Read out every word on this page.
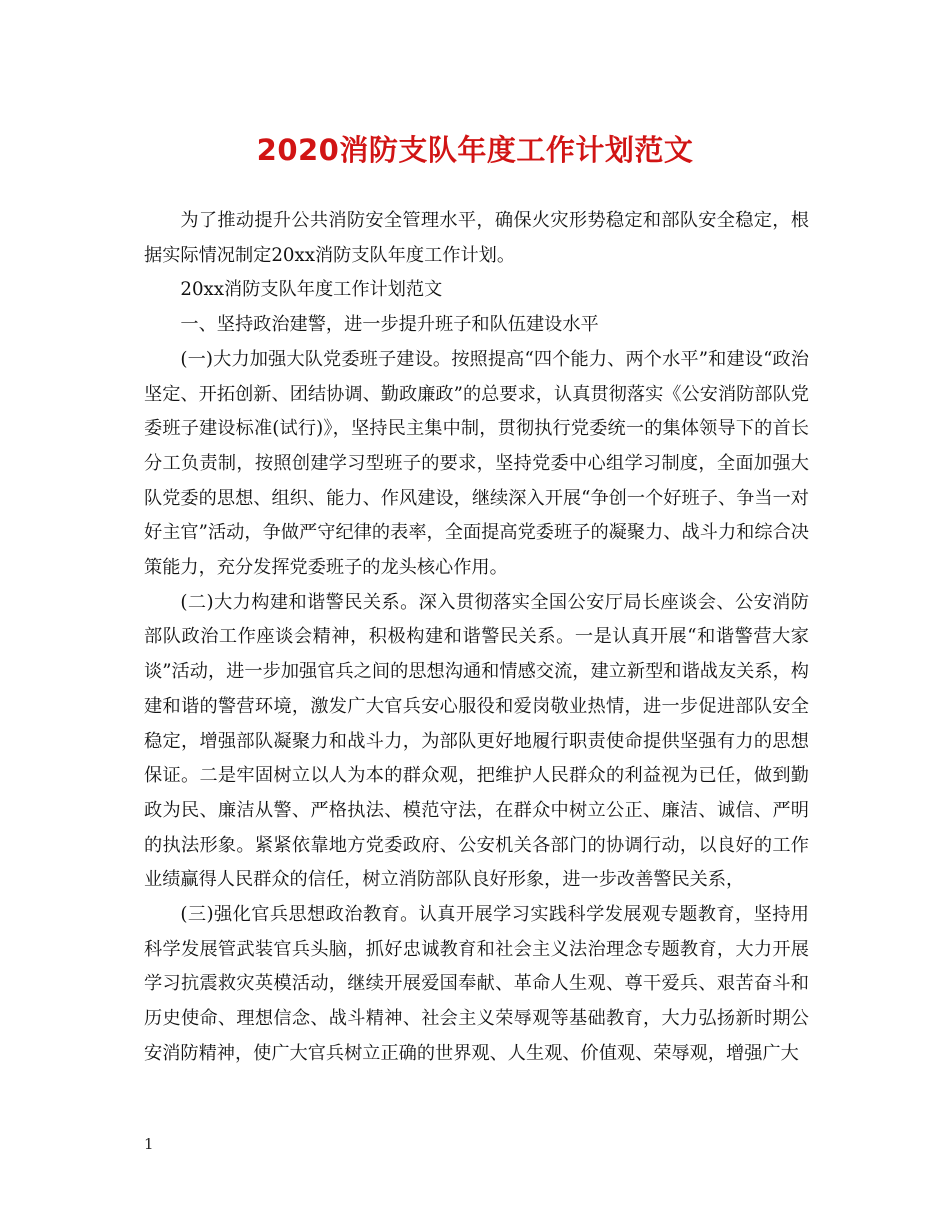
2020消防支队年度工作计划范文

为了推动提升公共消防安全管理水平，确保火灾形势稳定和部队安全稳定，根据实际情况制定20xx消防支队年度工作计划。

20xx消防支队年度工作计划范文

一、坚持政治建警，进一步提升班子和队伍建设水平

(一)大力加强大队党委班子建设。按照提高“四个能力、两个水平”和建设“政治坚定、开拓创新、团结协调、勤政廉政”的总要求，认真贯彻落实《公安消防部队党委班子建设标准(试行)》，坚持民主集中制，贯彻执行党委统一的集体领导下的首长分工负责制，按照创建学习型班子的要求，坚持党委中心组学习制度，全面加强大队党委的思想、组织、能力、作风建设，继续深入开展“争创一个好班子、争当一对好主官”活动，争做严守纪律的表率，全面提高党委班子的凝聚力、战斗力和综合决策能力，充分发挥党委班子的龙头核心作用。

(二)大力构建和谐警民关系。深入贯彻落实全国公安厅局长座谈会、公安消防部队政治工作座谈会精神，积极构建和谐警民关系。一是认真开展“和谐警营大家谈”活动，进一步加强官兵之间的思想沟通和情感交流，建立新型和谐战友关系，构建和谐的警营环境，激发广大官兵安心服役和爱岗敬业热情，进一步促进部队安全稳定，增强部队凝聚力和战斗力，为部队更好地履行职责使命提供坚强有力的思想保证。二是牢固树立以人为本的群众观，把维护人民群众的利益视为已任，做到勤政为民、廉洁从警、严格执法、模范守法，在群众中树立公正、廉洁、诚信、严明的执法形象。紧紧依靠地方党委政府、公安机关各部门的协调行动，以良好的工作业绩赢得人民群众的信任，树立消防部队良好形象，进一步改善警民关系，

(三)强化官兵思想政治教育。认真开展学习实践科学发展观专题教育，坚持用科学发展管武装官兵头脑，抓好忠诚教育和社会主义法治理念专题教育，大力开展学习抗震救灾英模活动，继续开展爱国奉献、革命人生观、尊干爱兵、艰苦奋斗和历史使命、理想信念、战斗精神、社会主义荣辱观等基础教育，大力弘扬新时期公安消防精神，使广大官兵树立正确的世界观、人生观、价值观、荣辱观，增强广大

1
